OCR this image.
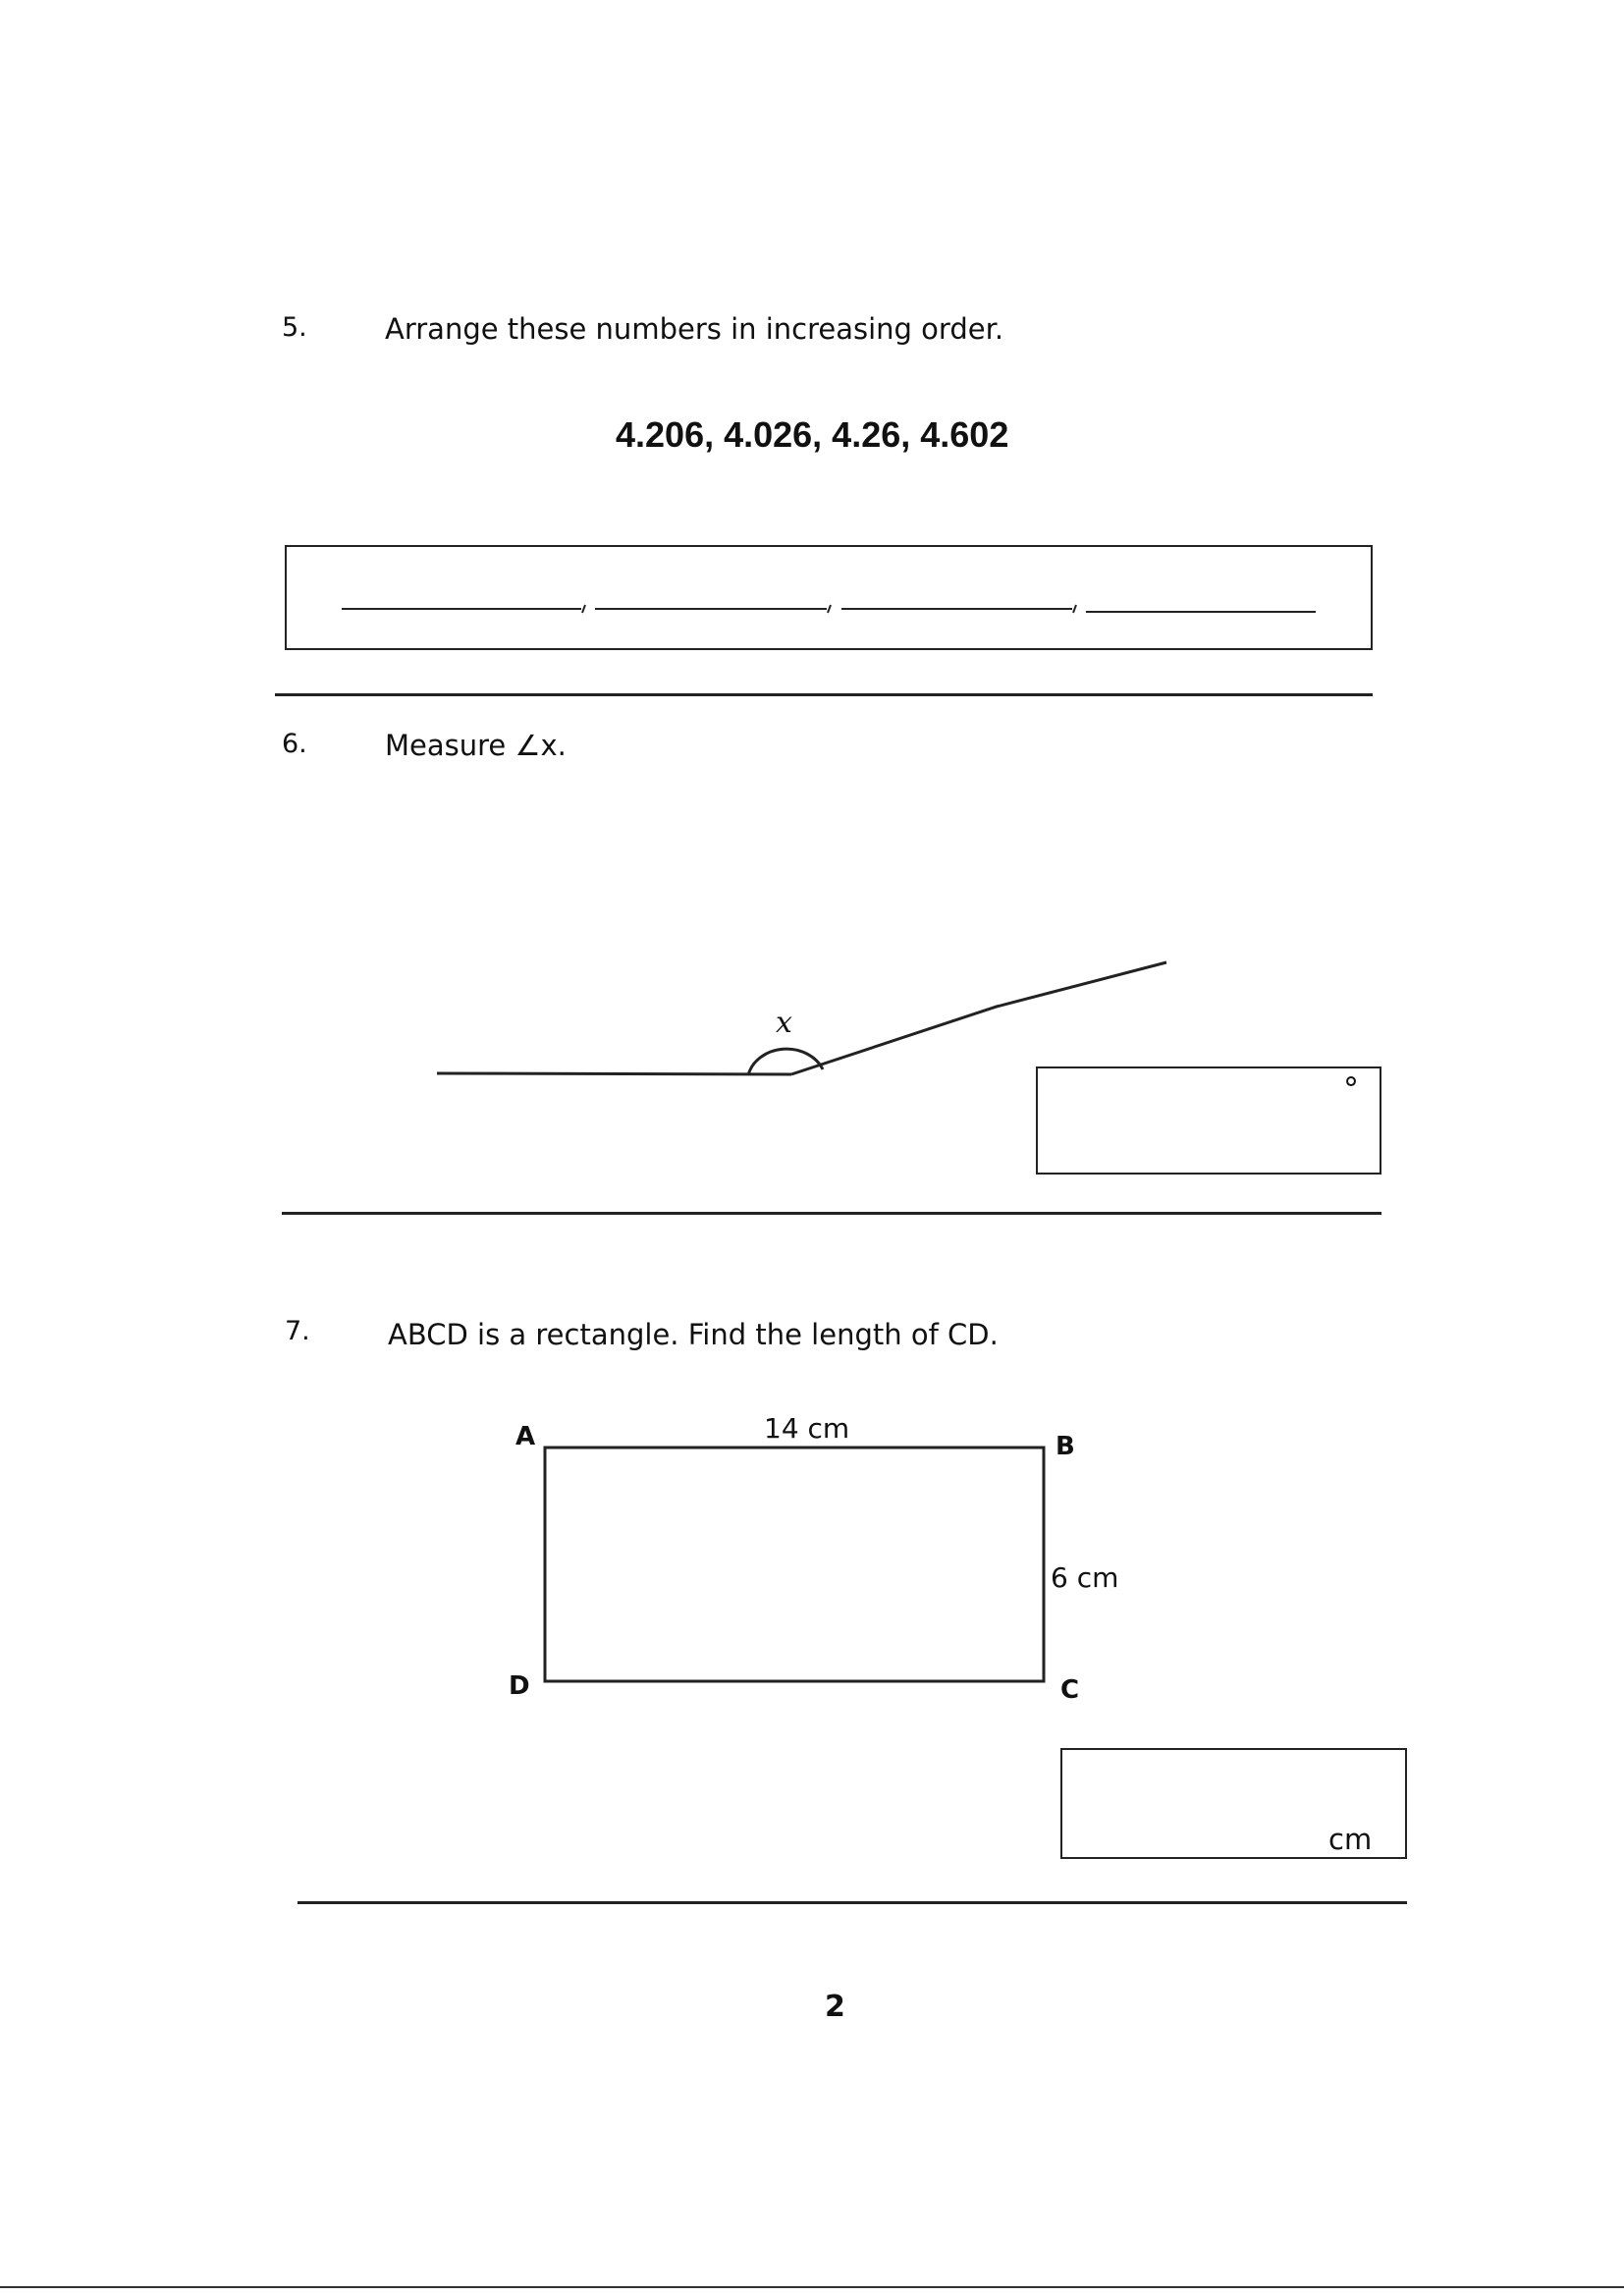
5.	Arrange these numbers in increasing order.
4.206, 4.026, 4.26, 4.602
6.	Measure ∠x.
x
°
7.	ABCD is a rectangle. Find the length of CD.
A	B
C
D
14 cm
6 cm
cm
2
